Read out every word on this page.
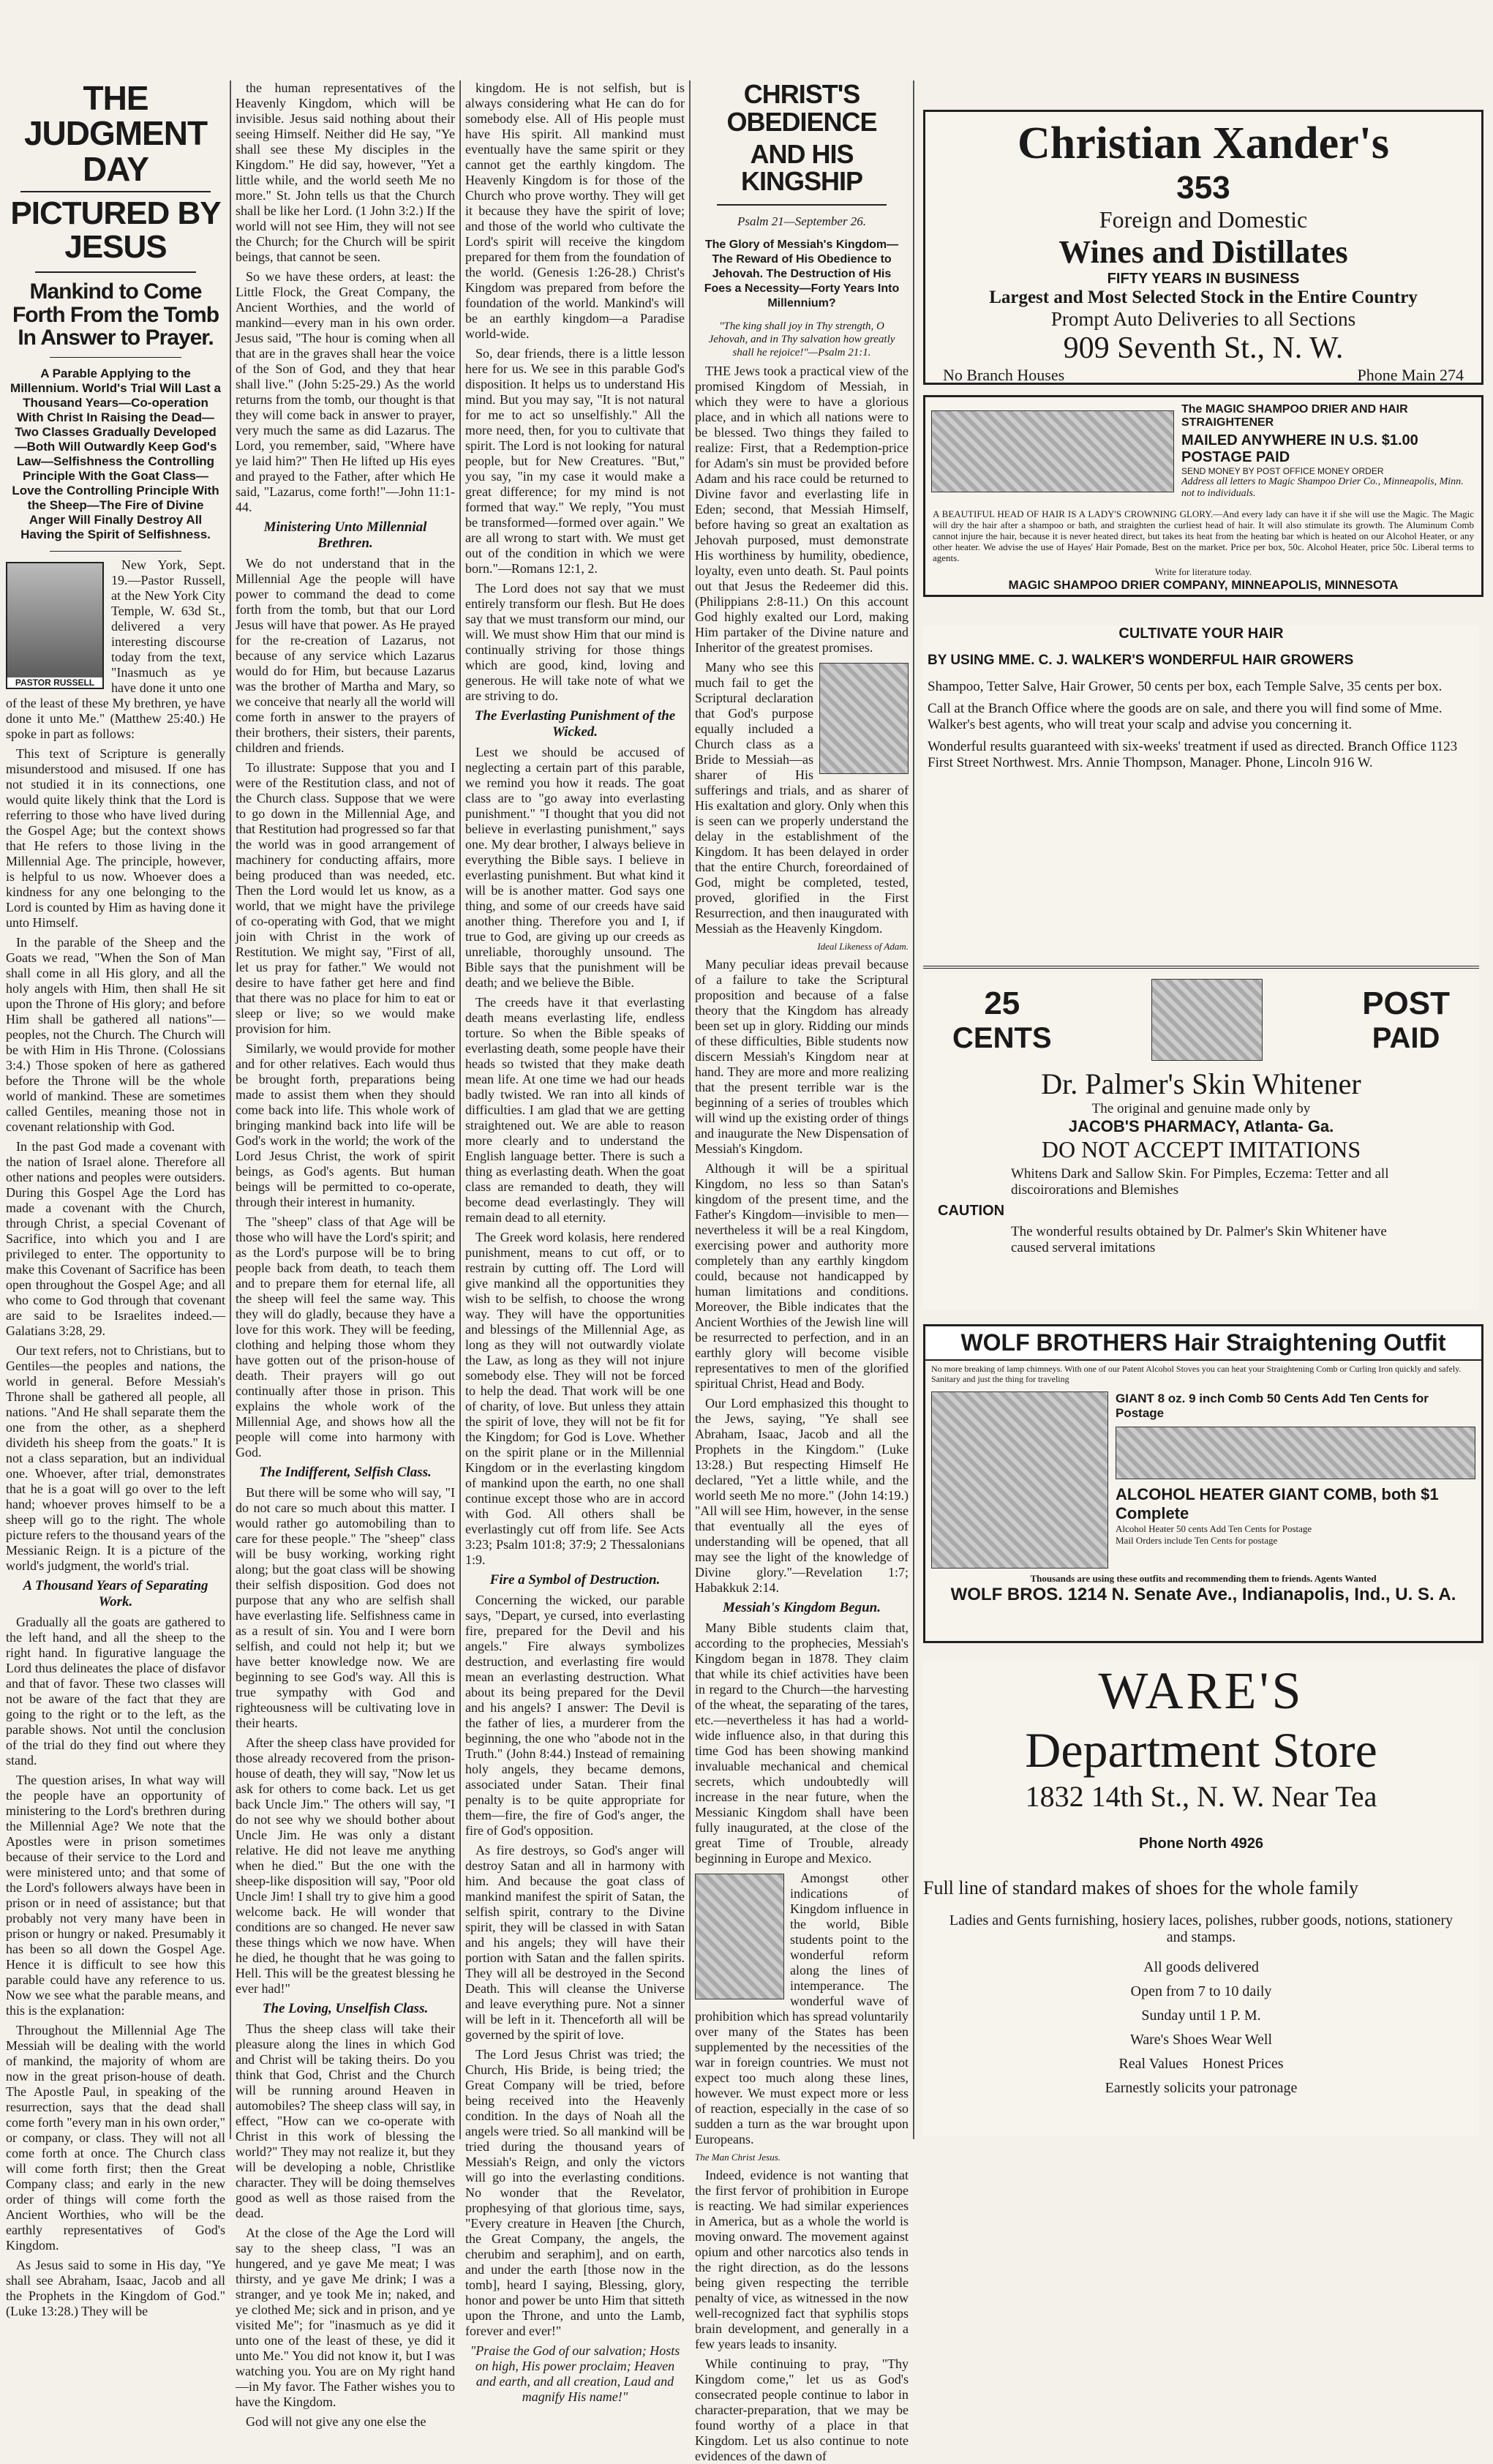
THE JUDGMENT DAY
PICTURED BY JESUS

Mankind to Come Forth From the Tomb In Answer to Prayer.

A Parable Applying to the Millennium. World's Trial Will Last a Thousand Years—Co-operation With Christ In Raising the Dead—Two Classes Gradually Developed—Both Will Outwardly Keep God's Law—Selfishness the Controlling Principle With the Goat Class—Love the Controlling Principle With the Sheep—The Fire of Divine Anger Will Finally Destroy All Having the Spirit of Selfishness.

PASTOR RUSSELL

New York, Sept. 19.—Pastor Russell, at the New York City Temple, W. 63d St., delivered a very interesting discourse today from the text, "Inasmuch as ye have done it unto one of the least of these My brethren, ye have done it unto Me." (Matthew 25:40.) He spoke in part as follows:

This text of Scripture is generally misunderstood and misused. If one has not studied it in its connections, one would quite likely think that the Lord is referring to those who have lived during the Gospel Age; but the context shows that He refers to those living in the Millennial Age. The principle, however, is helpful to us now. Whoever does a kindness for any one belonging to the Lord is counted by Him as having done it unto Himself.

In the parable of the Sheep and the Goats we read, "When the Son of Man shall come in all His glory, and all the holy angels with Him, then shall He sit upon the Throne of His glory; and before Him shall be gathered all nations"—peoples, not the Church. The Church will be with Him in His Throne. (Colossians 3:4.) Those spoken of here as gathered before the Throne will be the whole world of mankind. These are sometimes called Gentiles, meaning those not in covenant relationship with God.

In the past God made a covenant with the nation of Israel alone. Therefore all other nations and peoples were outsiders. During this Gospel Age the Lord has made a covenant with the Church, through Christ, a special Covenant of Sacrifice, into which you and I are privileged to enter. The opportunity to make this Covenant of Sacrifice has been open throughout the Gospel Age; and all who come to God through that covenant are said to be Israelites indeed.—Galatians 3:28, 29.

Our text refers, not to Christians, but to Gentiles—the peoples and nations, the world in general. Before Messiah's Throne shall be gathered all people, all nations. "And He shall separate them the one from the other, as a shepherd divideth his sheep from the goats." It is not a class separation, but an individual one. Whoever, after trial, demonstrates that he is a goat will go over to the left hand; whoever proves himself to be a sheep will go to the right. The whole picture refers to the thousand years of the Messianic Reign. It is a picture of the world's judgment, the world's trial.

A Thousand Years of Separating Work.

Gradually all the goats are gathered to the left hand, and all the sheep to the right hand. In figurative language the Lord thus delineates the place of disfavor and that of favor. These two classes will not be aware of the fact that they are going to the right or to the left, as the parable shows. Not until the conclusion of the trial do they find out where they stand.

The question arises, In what way will the people have an opportunity of ministering to the Lord's brethren during the Millennial Age? We note that the Apostles were in prison sometimes because of their service to the Lord and were ministered unto; and that some of the Lord's followers always have been in prison or in need of assistance; but that probably not very many have been in prison or hungry or naked. Presumably it has been so all down the Gospel Age. Hence it is difficult to see how this parable could have any reference to us. Now we see what the parable means, and this is the explanation:

Throughout the Millennial Age The Messiah will be dealing with the world of mankind, the majority of whom are now in the great prison-house of death. The Apostle Paul, in speaking of the resurrection, says that the dead shall come forth "every man in his own order," or company, or class. They will not all come forth at once. The Church class will come forth first; then the Great Company class; and early in the new order of things will come forth the Ancient Worthies, who will be the earthly representatives of God's Kingdom.

As Jesus said to some in His day, "Ye shall see Abraham, Isaac, Jacob and all the Prophets in the Kingdom of God." (Luke 13:28.) They will be

the human representatives of the Heavenly Kingdom, which will be invisible. Jesus said nothing about their seeing Himself. Neither did He say, "Ye shall see these My disciples in the Kingdom." He did say, however, "Yet a little while, and the world seeth Me no more." St. John tells us that the Church shall be like her Lord. (1 John 3:2.) If the world will not see Him, they will not see the Church; for the Church will be spirit beings, that cannot be seen.

So we have these orders, at least: the Little Flock, the Great Company, the Ancient Worthies, and the world of mankind—every man in his own order. Jesus said, "The hour is coming when all that are in the graves shall hear the voice of the Son of God, and they that hear shall live." (John 5:25-29.) As the world returns from the tomb, our thought is that they will come back in answer to prayer, very much the same as did Lazarus. The Lord, you remember, said, "Where have ye laid him?" Then He lifted up His eyes and prayed to the Father, after which He said, "Lazarus, come forth!"—John 11:1-44.

Ministering Unto Millennial Brethren.

We do not understand that in the Millennial Age the people will have power to command the dead to come forth from the tomb, but that our Lord Jesus will have that power. As He prayed for the re-creation of Lazarus, not because of any service which Lazarus would do for Him, but because Lazarus was the brother of Martha and Mary, so we conceive that nearly all the world will come forth in answer to the prayers of their brothers, their sisters, their parents, children and friends.

To illustrate: Suppose that you and I were of the Restitution class, and not of the Church class. Suppose that we were to go down in the Millennial Age, and that Restitution had progressed so far that the world was in good arrangement of machinery for conducting affairs, more being produced than was needed, etc. Then the Lord would let us know, as a world, that we might have the privilege of co-operating with God, that we might join with Christ in the work of Restitution. We might say, "First of all, let us pray for father." We would not desire to have father get here and find that there was no place for him to eat or sleep or live; so we would make provision for him.

Similarly, we would provide for mother and for other relatives. Each would thus be brought forth, preparations being made to assist them when they should come back into life. This whole work of bringing mankind back into life will be God's work in the world; the work of the Lord Jesus Christ, the work of spirit beings, as God's agents. But human beings will be permitted to co-operate, through their interest in humanity.

The "sheep" class of that Age will be those who will have the Lord's spirit; and as the Lord's purpose will be to bring people back from death, to teach them and to prepare them for eternal life, all the sheep will feel the same way. This they will do gladly, because they have a love for this work. They will be feeding, clothing and helping those whom they have gotten out of the prison-house of death. Their prayers will go out continually after those in prison. This explains the whole work of the Millennial Age, and shows how all the people will come into harmony with God.

The Indifferent, Selfish Class.

But there will be some who will say, "I do not care so much about this matter. I would rather go automobiling than to care for these people." The "sheep" class will be busy working, working right along; but the goat class will be showing their selfish disposition. God does not purpose that any who are selfish shall have everlasting life. Selfishness came in as a result of sin. You and I were born selfish, and could not help it; but we have better knowledge now. We are beginning to see God's way. All this is true sympathy with God and righteousness will be cultivating love in their hearts.

After the sheep class have provided for those already recovered from the prison-house of death, they will say, "Now let us ask for others to come back. Let us get back Uncle Jim." The others will say, "I do not see why we should bother about Uncle Jim. He was only a distant relative. He did not leave me anything when he died." But the one with the sheep-like disposition will say, "Poor old Uncle Jim! I shall try to give him a good welcome back. He will wonder that conditions are so changed. He never saw these things which we now have. When he died, he thought that he was going to Hell. This will be the greatest blessing he ever had!"

The Loving, Unselfish Class.

Thus the sheep class will take their pleasure along the lines in which God and Christ will be taking theirs. Do you think that God, Christ and the Church will be running around Heaven in automobiles? The sheep class will say, in effect, "How can we co-operate with Christ in this work of blessing the world?" They may not realize it, but they will be developing a noble, Christlike character. They will be doing themselves good as well as those raised from the dead.

At the close of the Age the Lord will say to the sheep class, "I was an hungered, and ye gave Me meat; I was thirsty, and ye gave Me drink; I was a stranger, and ye took Me in; naked, and ye clothed Me; sick and in prison, and ye visited Me"; for "inasmuch as ye did it unto one of the least of these, ye did it unto Me." You did not know it, but I was watching you. You are on My right hand—in My favor. The Father wishes you to have the Kingdom.

God will not give any one else the

kingdom. He is not selfish, but is always considering what He can do for somebody else. All of His people must have His spirit. All mankind must eventually have the same spirit or they cannot get the earthly kingdom. The Heavenly Kingdom is for those of the Church who prove worthy. They will get it because they have the spirit of love; and those of the world who cultivate the Lord's spirit will receive the kingdom prepared for them from the foundation of the world. (Genesis 1:26-28.) Christ's Kingdom was prepared from before the foundation of the world. Mankind's will be an earthly kingdom—a Paradise world-wide.

So, dear friends, there is a little lesson here for us. We see in this parable God's disposition. It helps us to understand His mind. But you may say, "It is not natural for me to act so unselfishly." All the more need, then, for you to cultivate that spirit. The Lord is not looking for natural people, but for New Creatures. "But," you say, "in my case it would make a great difference; for my mind is not formed that way." We reply, "You must be transformed—formed over again." We are all wrong to start with. We must get out of the condition in which we were born."—Romans 12:1, 2.

The Lord does not say that we must entirely transform our flesh. But He does say that we must transform our mind, our will. We must show Him that our mind is continually striving for those things which are good, kind, loving and generous. He will take note of what we are striving to do.

The Everlasting Punishment of the Wicked.

Lest we should be accused of neglecting a certain part of this parable, we remind you how it reads. The goat class are to "go away into everlasting punishment." "I thought that you did not believe in everlasting punishment," says one. My dear brother, I always believe in everything the Bible says. I believe in everlasting punishment. But what kind it will be is another matter. God says one thing, and some of our creeds have said another thing. Therefore you and I, if true to God, are giving up our creeds as unreliable, thoroughly unsound. The Bible says that the punishment will be death; and we believe the Bible.

The creeds have it that everlasting death means everlasting life, endless torture. So when the Bible speaks of everlasting death, some people have their heads so twisted that they make death mean life. At one time we had our heads badly twisted. We ran into all kinds of difficulties. I am glad that we are getting straightened out. We are able to reason more clearly and to understand the English language better. There is such a thing as everlasting death. When the goat class are remanded to death, they will become dead everlastingly. They will remain dead to all eternity.

The Greek word kolasis, here rendered punishment, means to cut off, or to restrain by cutting off. The Lord will give mankind all the opportunities they wish to be selfish, to choose the wrong way. They will have the opportunities and blessings of the Millennial Age, as long as they will not outwardly violate the Law, as long as they will not injure somebody else. They will not be forced to help the dead. That work will be one of charity, of love. But unless they attain the spirit of love, they will not be fit for the Kingdom; for God is Love. Whether on the spirit plane or in the Millennial Kingdom or in the everlasting kingdom of mankind upon the earth, no one shall continue except those who are in accord with God. All others shall be everlastingly cut off from life. See Acts 3:23; Psalm 101:8; 37:9; 2 Thessalonians 1:9.

Fire a Symbol of Destruction.

Concerning the wicked, our parable says, "Depart, ye cursed, into everlasting fire, prepared for the Devil and his angels." Fire always symbolizes destruction, and everlasting fire would mean an everlasting destruction. What about its being prepared for the Devil and his angels? I answer: The Devil is the father of lies, a murderer from the beginning, the one who "abode not in the Truth." (John 8:44.) Instead of remaining holy angels, they became demons, associated under Satan. Their final penalty is to be quite appropriate for them—fire, the fire of God's anger, the fire of God's opposition.

As fire destroys, so God's anger will destroy Satan and all in harmony with him. And because the goat class of mankind manifest the spirit of Satan, the selfish spirit, contrary to the Divine spirit, they will be classed in with Satan and his angels; they will have their portion with Satan and the fallen spirits. They will all be destroyed in the Second Death. This will cleanse the Universe and leave everything pure. Not a sinner will be left in it. Thenceforth all will be governed by the spirit of love.

The Lord Jesus Christ was tried; the Church, His Bride, is being tried; the Great Company will be tried, before being received into the Heavenly condition. In the days of Noah all the angels were tried. So all mankind will be tried during the thousand years of Messiah's Reign, and only the victors will go into the everlasting conditions. No wonder that the Revelator, prophesying of that glorious time, says, "Every creature in Heaven [the Church, the Great Company, the angels, the cherubim and seraphim], and on earth, and under the earth [those now in the tomb], heard I saying, Blessing, glory, honor and power be unto Him that sitteth upon the Throne, and unto the Lamb, forever and ever!"

"Praise the God of our salvation; Hosts on high, His power proclaim; Heaven and earth, and all creation, Laud and magnify His name!"

CHRIST'S OBEDIENCE
AND HIS KINGSHIP

Psalm 21—September 26.

The Glory of Messiah's Kingdom—The Reward of His Obedience to Jehovah. The Destruction of His Foes a Necessity—Forty Years Into Millennium?

"The king shall joy in Thy strength, O Jehovah, and in Thy salvation how greatly shall he rejoice!"—Psalm 21:1.

THE Jews took a practical view of the promised Kingdom of Messiah, in which they were to have a glorious place, and in which all nations were to be blessed. Two things they failed to realize: First, that a Redemption-price for Adam's sin must be provided before Adam and his race could be returned to Divine favor and everlasting life in Eden; second, that Messiah Himself, before having so great an exaltation as Jehovah purposed, must demonstrate His worthiness by humility, obedience, loyalty, even unto death. St. Paul points out that Jesus the Redeemer did this. (Philippians 2:8-11.) On this account God highly exalted our Lord, making Him partaker of the Divine nature and Inheritor of the greatest promises.

Many who see this much fail to get the Scriptural declaration that God's purpose equally included a Church class as a Bride to Messiah—as sharer of His sufferings and trials, and as sharer of His exaltation and glory. Only when this is seen can we properly understand the delay in the establishment of the Kingdom. It has been delayed in order that the entire Church, foreordained of God, might be completed, tested, proved, glorified in the First Resurrection, and then inaugurated with Messiah as the Heavenly Kingdom.

Ideal Likeness of Adam.

Many peculiar ideas prevail because of a failure to take the Scriptural proposition and because of a false theory that the Kingdom has already been set up in glory. Ridding our minds of these difficulties, Bible students now discern Messiah's Kingdom near at hand. They are more and more realizing that the present terrible war is the beginning of a series of troubles which will wind up the existing order of things and inaugurate the New Dispensation of Messiah's Kingdom.

Although it will be a spiritual Kingdom, no less so than Satan's kingdom of the present time, and the Father's Kingdom—invisible to men—nevertheless it will be a real Kingdom, exercising power and authority more completely than any earthly kingdom could, because not handicapped by human limitations and conditions. Moreover, the Bible indicates that the Ancient Worthies of the Jewish line will be resurrected to perfection, and in an earthly glory will become visible representatives to men of the glorified spiritual Christ, Head and Body.

Our Lord emphasized this thought to the Jews, saying, "Ye shall see Abraham, Isaac, Jacob and all the Prophets in the Kingdom." (Luke 13:28.) But respecting Himself He declared, "Yet a little while, and the world seeth Me no more." (John 14:19.) "All will see Him, however, in the sense that eventually all the eyes of understanding will be opened, that all may see the light of the knowledge of Divine glory."—Revelation 1:7; Habakkuk 2:14.

Messiah's Kingdom Begun.

Many Bible students claim that, according to the prophecies, Messiah's Kingdom began in 1878. They claim that while its chief activities have been in regard to the Church—the harvesting of the wheat, the separating of the tares, etc.—nevertheless it has had a world-wide influence also, in that during this time God has been showing mankind invaluable mechanical and chemical secrets, which undoubtedly will increase in the near future, when the Messianic Kingdom shall have been fully inaugurated, at the close of the great Time of Trouble, already beginning in Europe and Mexico.

Amongst other indications of Kingdom influence in the world, Bible students point to the wonderful reform along the lines of intemperance. The wonderful wave of prohibition which has spread voluntarily over many of the States has been supplemented by the necessities of the war in foreign countries. We must not expect too much along these lines, however. We must expect more or less of reaction, especially in the case of so sudden a turn as the war brought upon Europeans.

The Man Christ Jesus.

Indeed, evidence is not wanting that the first fervor of prohibition in Europe is reacting. We had similar experiences in America, but as a whole the world is moving onward. The movement against opium and other narcotics also tends in the right direction, as do the lessons being given respecting the terrible penalty of vice, as witnessed in the now well-recognized fact that syphilis stops brain development, and generally in a few years leads to insanity.

While continuing to pray, "Thy Kingdom come," let us as God's consecrated people continue to labor in character-preparation, that we may be found worthy of a place in that Kingdom. Let us also continue to note evidences of the dawn of

Christian Xander's
353
Foreign and Domestic
Wines and Distillates
FIFTY YEARS IN BUSINESS
Largest and Most Selected Stock in the Entire Country
Prompt Auto Deliveries to all Sections
909 Seventh St., N. W.
No Branch Houses	Phone Main 274
The MAGIC SHAMPOO DRIER AND HAIR STRAIGHTENER
MAILED ANYWHERE IN U.S. $1.00 POSTAGE PAID
SEND MONEY BY POST OFFICE MONEY ORDER
Address all letters to Magic Shampoo Drier Co., Minneapolis, Minn. not to individuals.

A BEAUTIFUL HEAD OF HAIR IS A LADY'S CROWNING GLORY.—And every lady can have it if she will use the Magic. The Magic will dry the hair after a shampoo or bath, and straighten the curliest head of hair. It will also stimulate its growth. The Aluminum Comb cannot injure the hair, because it is never heated direct, but takes its heat from the heating bar which is heated on our Alcohol Heater, or any other heater. We advise the use of Hayes' Hair Pomade, Best on the market. Price per box, 50c. Alcohol Heater, price 50c. Liberal terms to agents.

Write for literature today.
MAGIC SHAMPOO DRIER COMPANY, MINNEAPOLIS, MINNESOTA
CULTIVATE YOUR HAIR
BY USING MME. C. J. WALKER'S WONDERFUL HAIR GROWERS
Shampoo, Tetter Salve, Hair Grower, 50 cents per box, each Temple Salve, 35 cents per box.
Call at the Branch Office where the goods are on sale, and there you will find some of Mme. Walker's best agents, who will treat your scalp and advise you concerning it.
Wonderful results guaranteed with six-weeks' treatment if used as directed. Branch Office 1123 First Street Northwest. Mrs. Annie Thompson, Manager. Phone, Lincoln 916 W.
25
CENTS
POST
PAID
Dr. Palmer's Skin Whitener
The original and genuine made only by
JACOB'S PHARMACY, Atlanta- Ga.
DO NOT ACCEPT IMITATIONS
Whitens Dark and Sallow Skin. For Pimples, Eczema: Tetter and all discoirorations and Blemishes
CAUTION
The wonderful results obtained by Dr. Palmer's Skin Whitener have caused serveral imitations
WOLF BROTHERS Hair Straightening Outfit
No more breaking of lamp chimneys. With one of our Patent Alcohol Stoves you can heat your Straightening Comb or Curling Iron quickly and safely. Sanitary and just the thing for traveling
GIANT 8 oz. 9 inch Comb 50 Cents Add Ten Cents for Postage
ALCOHOL HEATER GIANT COMB, both $1 Complete
Alcohol Heater 50 cents Add Ten Cents for Postage
Mail Orders include Ten Cents for postage
Thousands are using these outfits and recommending them to friends. Agents Wanted
WOLF BROS. 1214 N. Senate Ave., Indianapolis, Ind., U. S. A.
WARE'S
Department Store
1832 14th St., N. W. Near Tea
Phone North 4926
Full line of standard makes of shoes for the whole family
Ladies and Gents furnishing, hosiery laces, polishes, rubber goods, notions, stationery and stamps.
All goods delivered
Open from 7 to 10 daily
Sunday until 1 P. M.
Ware's Shoes Wear Well
Real Values    Honest Prices
Earnestly solicits your patronage
